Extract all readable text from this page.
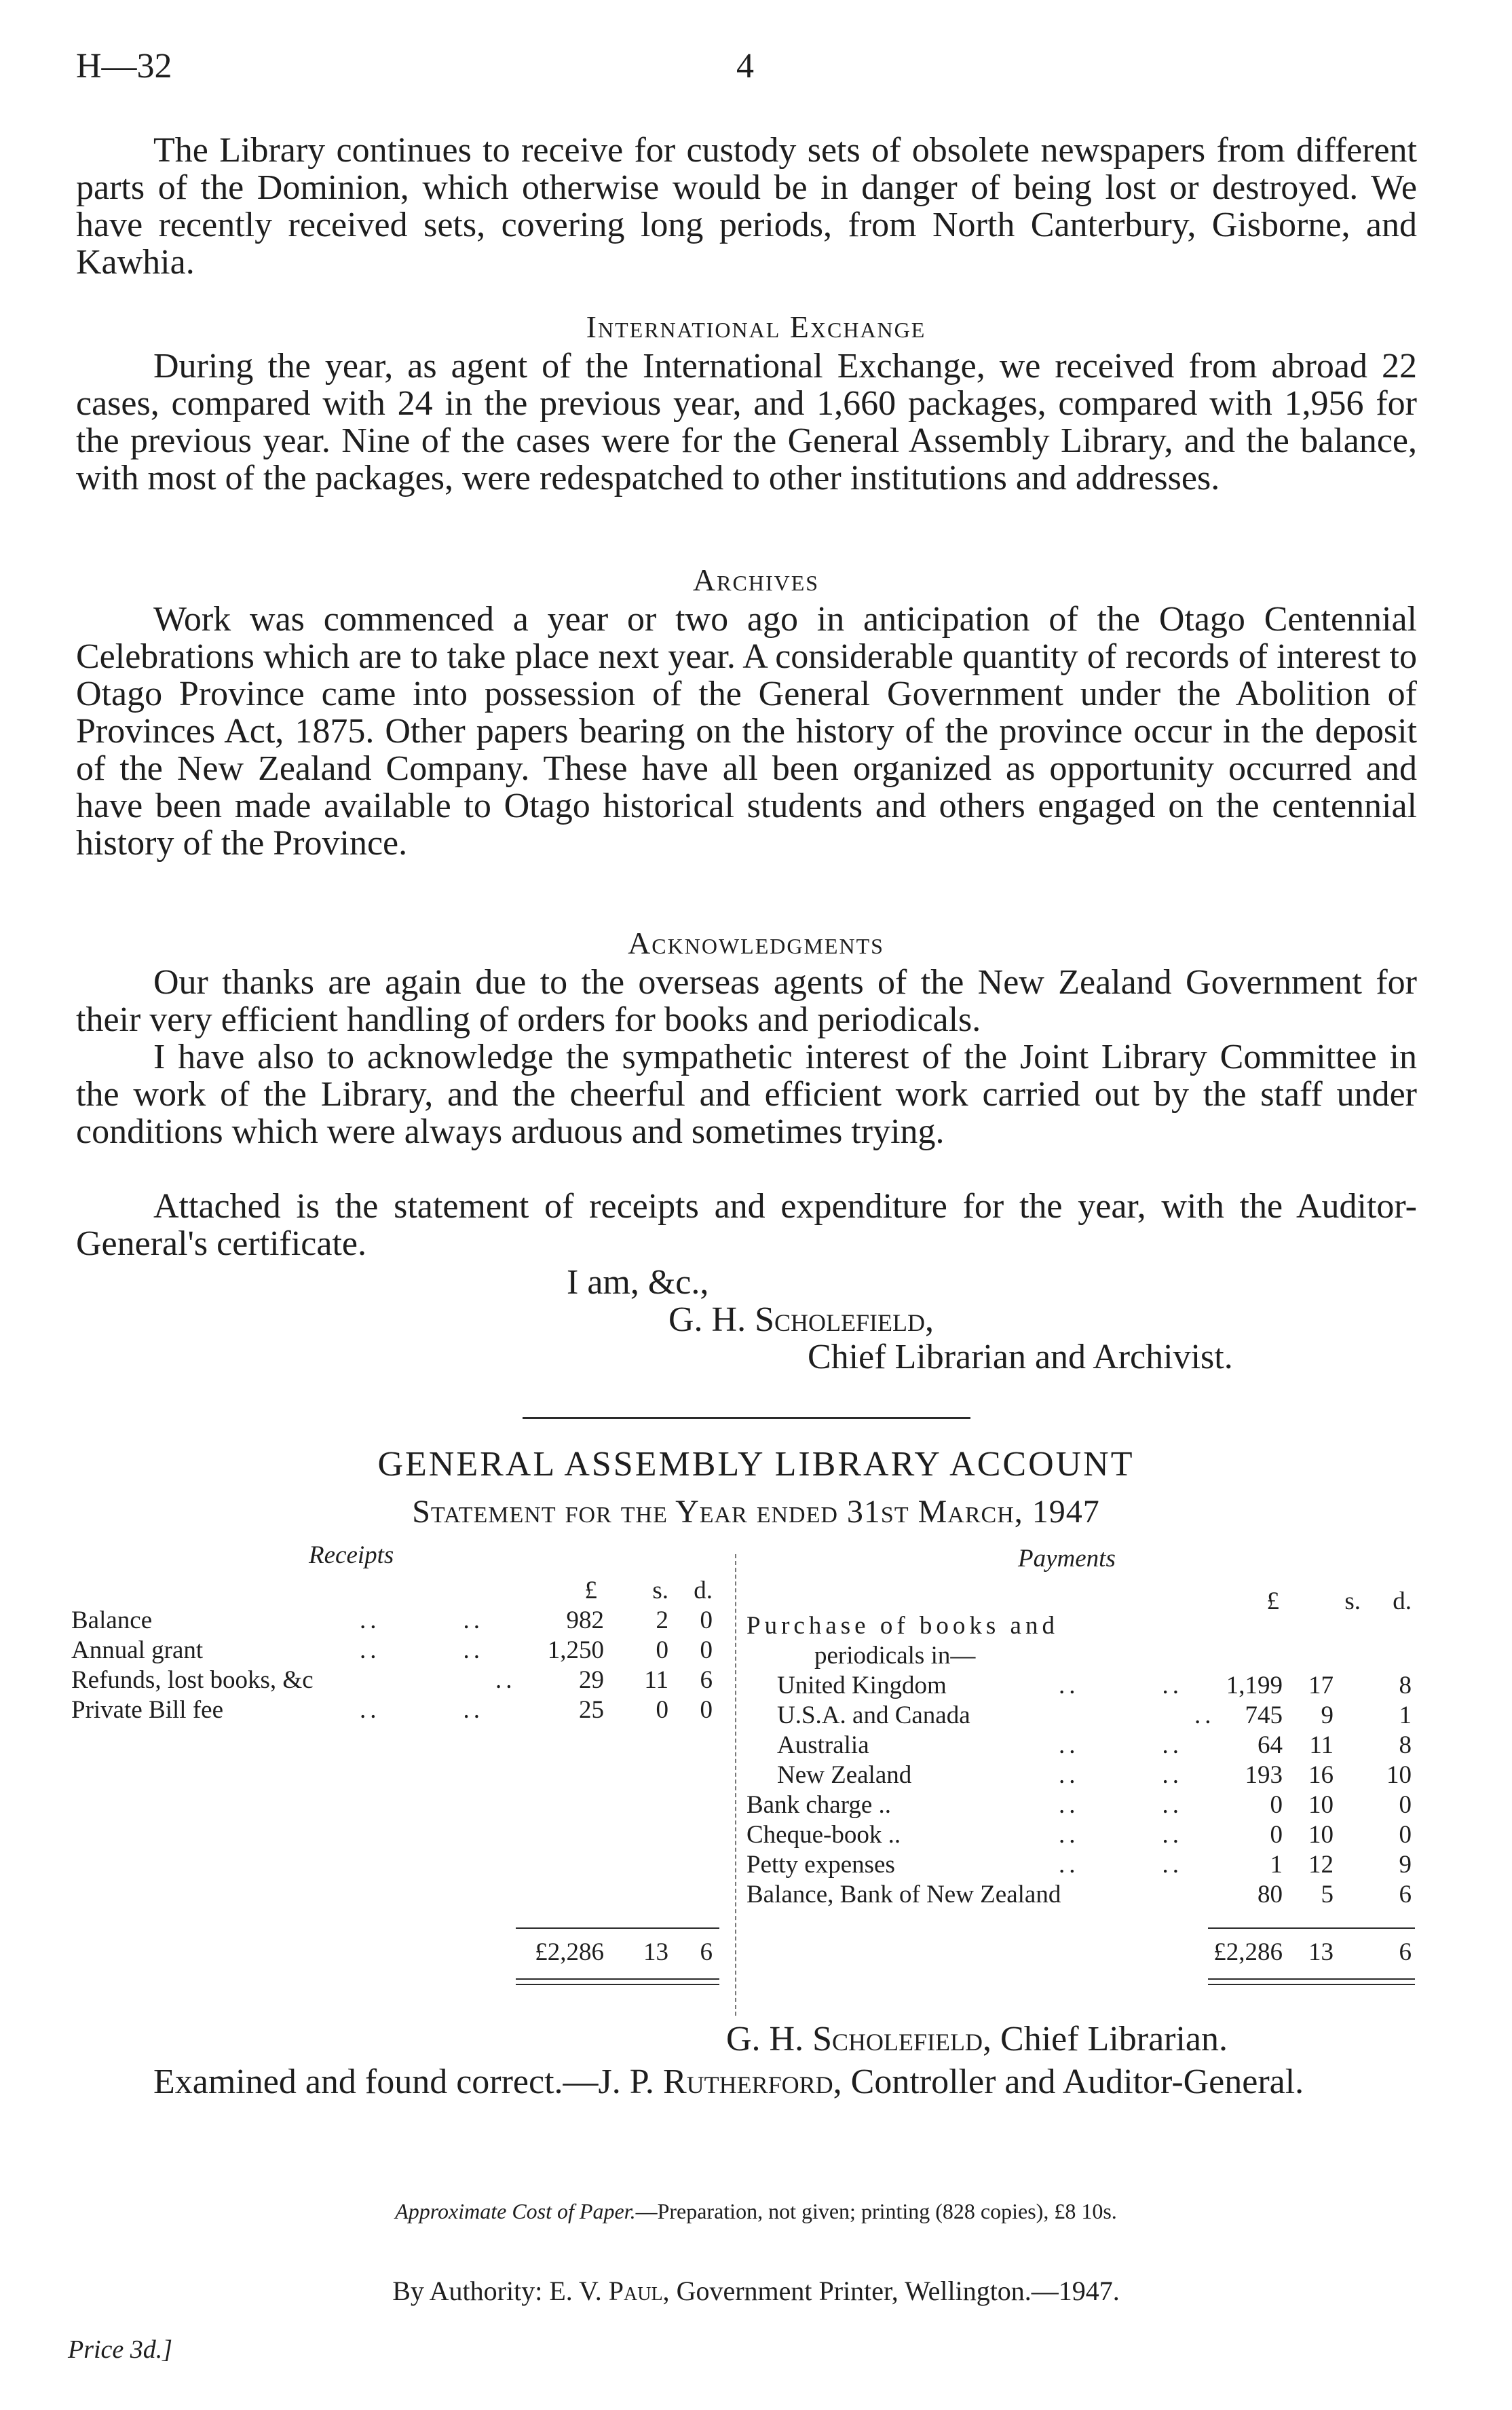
H—32	4

The Library continues to receive for custody sets of obsolete newspapers from different parts of the Dominion, which otherwise would be in danger of being lost or destroyed. We have recently received sets, covering long periods, from North Canterbury, Gisborne, and Kawhia.

International Exchange

During the year, as agent of the International Exchange, we received from abroad 22 cases, compared with 24 in the previous year, and 1,660 packages, compared with 1,956 for the previous year. Nine of the cases were for the General Assembly Library, and the balance, with most of the packages, were redespatched to other institutions and addresses.

Archives

Work was commenced a year or two ago in anticipation of the Otago Centennial Celebrations which are to take place next year. A considerable quantity of records of interest to Otago Province came into possession of the General Government under the Abolition of Provinces Act, 1875. Other papers bearing on the history of the province occur in the deposit of the New Zealand Company. These have all been organized as opportunity occurred and have been made available to Otago historical students and others engaged on the centennial history of the Province.

Acknowledgments

Our thanks are again due to the overseas agents of the New Zealand Government for their very efficient handling of orders for books and periodicals.

I have also to acknowledge the sympathetic interest of the Joint Library Committee in the work of the Library, and the cheerful and efficient work carried out by the staff under conditions which were always arduous and sometimes trying.

Attached is the statement of receipts and expenditure for the year, with the Auditor-General's certificate.

I am, &c.,
G. H. Scholefield,
Chief Librarian and Archivist.
GENERAL ASSEMBLY LIBRARY ACCOUNT
Statement for the Year ended 31st March, 1947
Receipts	Payments
£	s.	d.	£	s.	d.
Balance	..        ..	982	2	0
Annual grant	..        ..	1,250	0	0
Refunds, lost books, &c	..	29	11	6
Private Bill fee	..        ..	25	0	0
Purchase of books and
periodicals in—
United Kingdom	..        ..	1,199	17	8
U.S.A. and Canada	..	745	9	1
Australia	..        ..	64	11	8
New Zealand	..        ..	193	16	10
Bank charge ..	..        ..	0	10	0
Cheque-book ..	..        ..	0	10	0
Petty expenses	..        ..	1	12	9
Balance, Bank of New Zealand	80	5	6
£2,286	13	6	£2,286	13	6
G. H. Scholefield, Chief Librarian.

Examined and found correct.—J. P. Rutherford, Controller and Auditor-General.

Approximate Cost of Paper.—Preparation, not given; printing (828 copies), £8 10s.
By Authority: E. V. Paul, Government Printer, Wellington.—1947.
Price 3d.]
